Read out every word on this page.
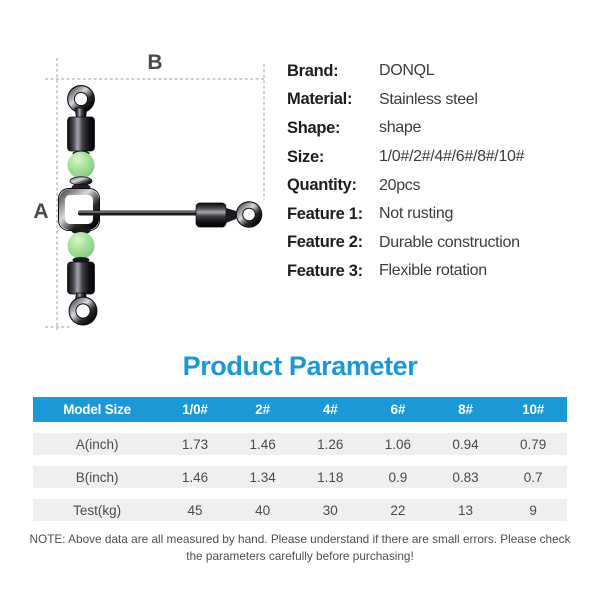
A
B	Brand:	DONQL
Material:	Stainless steel
Shape:	shape
Size:	1/0#/2#/4#/6#/8#/10#
Quantity:	20pcs
Feature 1:	Not rusting
Feature 2:	Durable construction
Feature 3:	Flexible rotation
Product Parameter
Model Size	1/0#	2#	4#	6#	8#	10#
A(inch)	1.73	1.46	1.26	1.06	0.94	0.79
B(inch)	1.46	1.34	1.18	0.9	0.83	0.7
Test(kg)	45	40	30	22	13	9
NOTE: Above data are all measured by hand. Please understand if there are small errors. Please check
the parameters carefully before purchasing!
